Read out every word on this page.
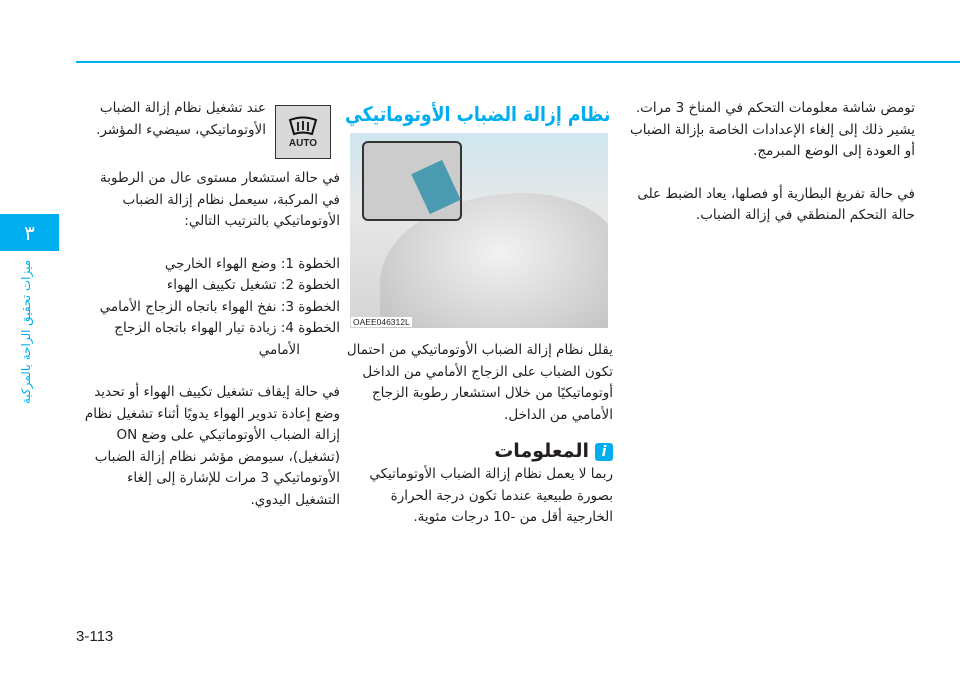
٣
ميزات تحقيق الراحة بالمركبة

تومض شاشة معلومات التحكم في المناخ 3 مرات. يشير ذلك إلى إلغاء الإعدادات الخاصة بإزالة الضباب أو العودة إلى الوضع المبرمج.

في حالة تفريغ البطارية أو فصلها، يعاد الضبط على حالة التحكم المنطقي في إزالة الضباب.

نظام إزالة الضباب الأوتوماتيكي
OAEE046312L

يقلل نظام إزالة الضباب الأوتوماتيكي من احتمال تكون الضباب على الزجاج الأمامي من الداخل أوتوماتيكيًا من خلال استشعار رطوبة الزجاج الأمامي من الداخل.

iالمعلومات

ربما لا يعمل نظام إزالة الضباب الأوتوماتيكي بصورة طبيعية عندما تكون درجة الحرارة الخارجية أقل من -10 درجات مئوية.

AUTO

عند تشغيل نظام إزالة الضباب الأوتوماتيكي، سيضيء المؤشر.

في حالة استشعار مستوى عال من الرطوبة في المركبة، سيعمل نظام إزالة الضباب الأوتوماتيكي بالترتيب التالي:

الخطوة 1: وضع الهواء الخارجي

الخطوة 2: تشغيل تكييف الهواء

الخطوة 3: نفخ الهواء باتجاه الزجاج الأمامي

الخطوة 4: زيادة تيار الهواء باتجاه الزجاج الأمامي

في حالة إيقاف تشغيل تكييف الهواء أو تحديد وضع إعادة تدوير الهواء يدويًا أثناء تشغيل نظام إزالة الضباب الأوتوماتيكي على وضع ON (تشغيل)، سيومض مؤشر نظام إزالة الضباب الأوتوماتيكي 3 مرات للإشارة إلى إلغاء التشغيل اليدوي.

3-113
